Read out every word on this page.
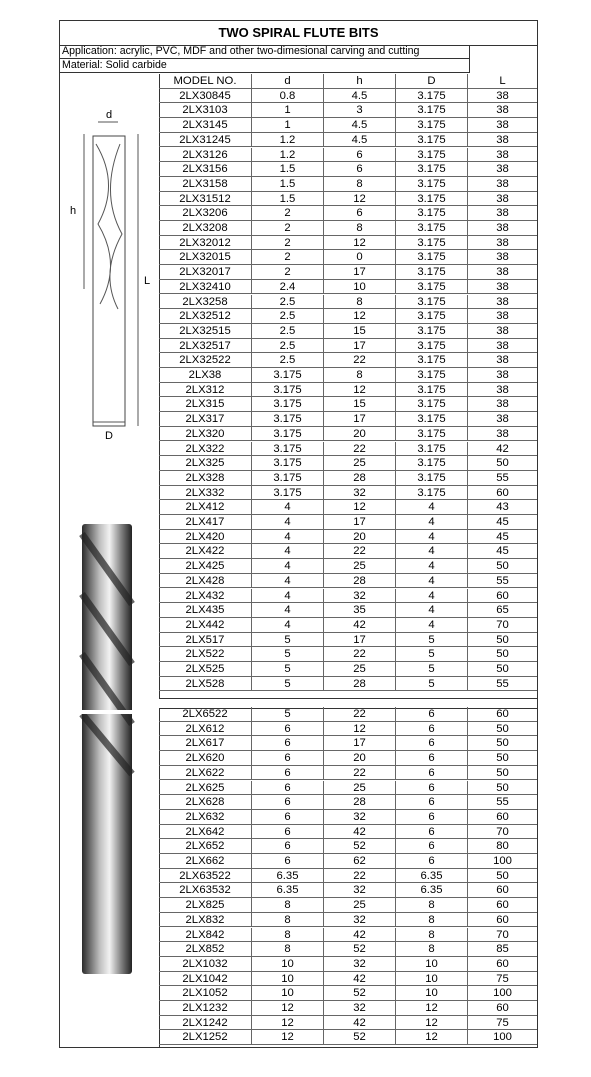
TWO SPIRAL FLUTE BITS
Application: acrylic, PVC, MDF and other two-dimesional carving and cutting
Material: Solid carbide
d
h
L
D
MODEL NO.	d	h	D	L
2LX30845	0.8	4.5	3.175	38
2LX3103	1	3	3.175	38
2LX3145	1	4.5	3.175	38
2LX31245	1.2	4.5	3.175	38
2LX3126	1.2	6	3.175	38
2LX3156	1.5	6	3.175	38
2LX3158	1.5	8	3.175	38
2LX31512	1.5	12	3.175	38
2LX3206	2	6	3.175	38
2LX3208	2	8	3.175	38
2LX32012	2	12	3.175	38
2LX32015	2	0	3.175	38
2LX32017	2	17	3.175	38
2LX32410	2.4	10	3.175	38
2LX3258	2.5	8	3.175	38
2LX32512	2.5	12	3.175	38
2LX32515	2.5	15	3.175	38
2LX32517	2.5	17	3.175	38
2LX32522	2.5	22	3.175	38
2LX38	3.175	8	3.175	38
2LX312	3.175	12	3.175	38
2LX315	3.175	15	3.175	38
2LX317	3.175	17	3.175	38
2LX320	3.175	20	3.175	38
2LX322	3.175	22	3.175	42
2LX325	3.175	25	3.175	50
2LX328	3.175	28	3.175	55
2LX332	3.175	32	3.175	60
2LX412	4	12	4	43
2LX417	4	17	4	45
2LX420	4	20	4	45
2LX422	4	22	4	45
2LX425	4	25	4	50
2LX428	4	28	4	55
2LX432	4	32	4	60
2LX435	4	35	4	65
2LX442	4	42	4	70
2LX517	5	17	5	50
2LX522	5	22	5	50
2LX525	5	25	5	50
2LX528	5	28	5	55
2LX6522	5	22	6	60
2LX612	6	12	6	50
2LX617	6	17	6	50
2LX620	6	20	6	50
2LX622	6	22	6	50
2LX625	6	25	6	50
2LX628	6	28	6	55
2LX632	6	32	6	60
2LX642	6	42	6	70
2LX652	6	52	6	80
2LX662	6	62	6	100
2LX63522	6.35	22	6.35	50
2LX63532	6.35	32	6.35	60
2LX825	8	25	8	60
2LX832	8	32	8	60
2LX842	8	42	8	70
2LX852	8	52	8	85
2LX1032	10	32	10	60
2LX1042	10	42	10	75
2LX1052	10	52	10	100
2LX1232	12	32	12	60
2LX1242	12	42	12	75
2LX1252	12	52	12	100
